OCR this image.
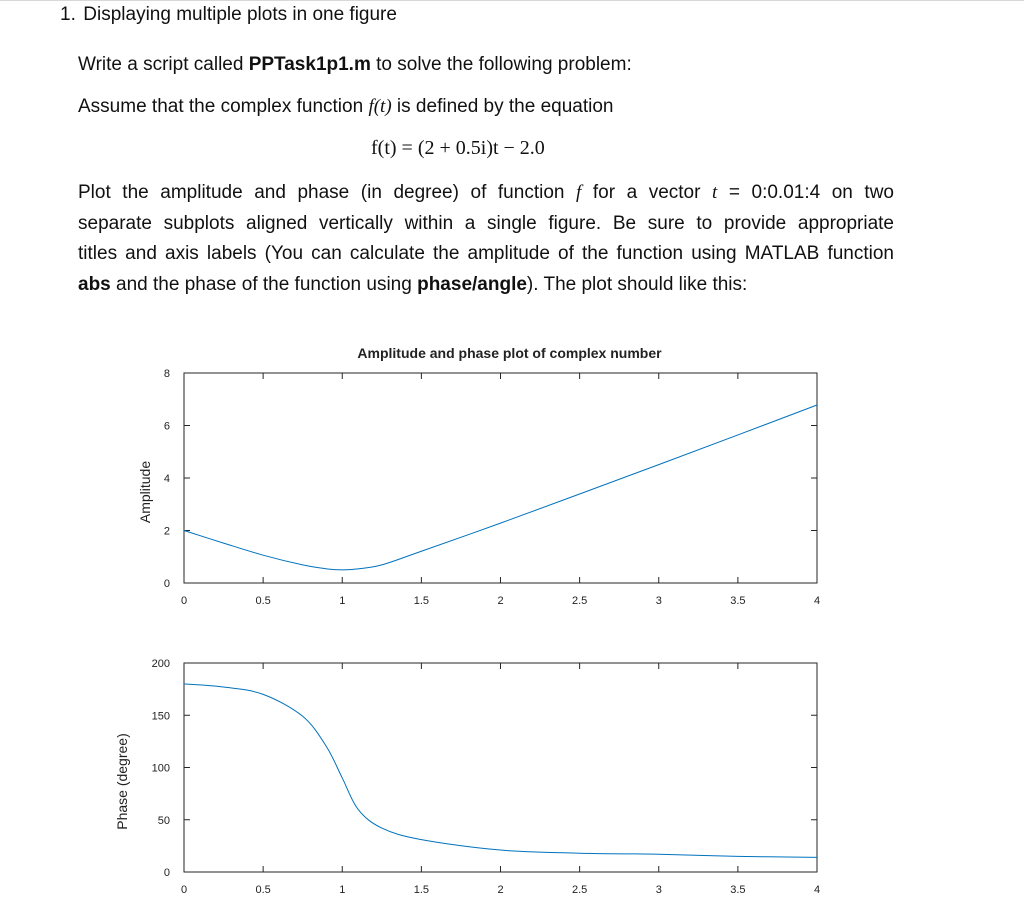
1. Displaying multiple plots in one figure
Write a script called PPTask1p1.m to solve the following problem:
Assume that the complex function f(t) is defined by the equation
f(t) = (2 + 0.5i)t − 2.0
Plot the amplitude and phase (in degree) of function f for a vector t = 0:0.01:4 on two
separate subplots aligned vertically within a single figure. Be sure to provide appropriate
titles and axis labels (You can calculate the amplitude of the function using MATLAB function
abs and the phase of the function using phase/angle). The plot should like this:
0	0.5	1	1.5	2	2.5	3	3.5	4
0
2
4
6
8
Amplitude
Amplitude and phase plot of complex number
0	0.5	1	1.5	2	2.5	3	3.5	4
0
50
100
150
200
Phase (degree)
